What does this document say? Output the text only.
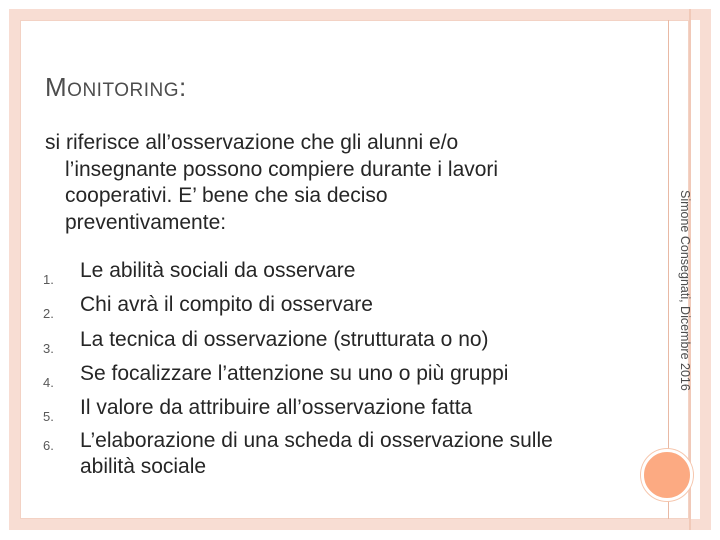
MONITORING:
si riferisce all’osservazione che gli alunni e/o
l’insegnante possono compiere durante i lavori
cooperativi. E’ bene che sia deciso
preventivamente:
1.	Le abilità sociali da osservare
2.	Chi avrà il compito di osservare
3.	La tecnica di osservazione (strutturata o no)
4.	Se focalizzare l’attenzione su uno o più gruppi
5.	Il valore da attribuire all’osservazione fatta
6.	L’elaborazione di una scheda di osservazione sulle abilità sociale
Simone Consegnati, Dicembre 2016
